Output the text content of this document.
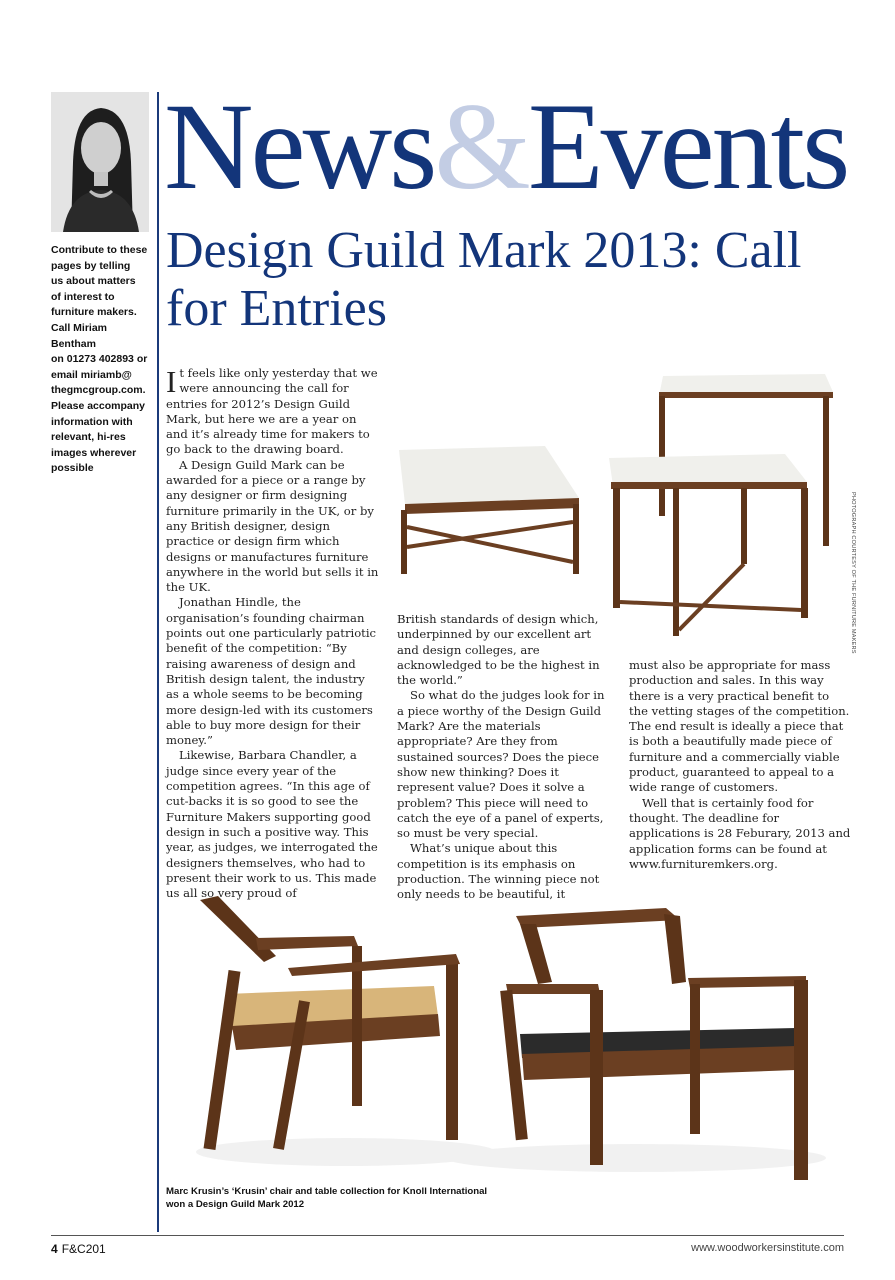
Contribute to these
pages by telling
us about matters
of interest to
furniture makers.
Call Miriam Bentham
on 01273 402893 or
email miriamb@
thegmcgroup.com.
Please accompany
information with
relevant, hi-res
images wherever
possible
News&Events
Design Guild Mark 2013: Call for Entries

It feels like only yesterday that we were announcing the call for entries for 2012’s Design Guild Mark, but here we are a year on and it’s already time for makers to go back to the drawing board.

A Design Guild Mark can be awarded for a piece or a range by any designer or firm designing furniture primarily in the UK, or by any British designer, design practice or design firm which designs or manufactures furniture anywhere in the world but sells it in the UK.

Jonathan Hindle, the organisation’s founding chairman points out one particularly patriotic benefit of the competition: “By raising awareness of design and British design talent, the industry as a whole seems to be becoming more design-led with its customers able to buy more design for their money.”

Likewise, Barbara Chandler, a judge since every year of the competition agrees. “In this age of cut-backs it is so good to see the Furniture Makers supporting good design in such a positive way. This year, as judges, we interrogated the designers themselves, who had to present their work to us. This made us all so very proud of

PHOTOGRAPH COURTESY OF THE FURNITURE MAKERS

British standards of design which, underpinned by our excellent art and design colleges, are acknowledged to be the highest in the world.”

So what do the judges look for in a piece worthy of the Design Guild Mark? Are the materials appropriate? Are they from sustained sources? Does the piece show new thinking? Does it represent value? Does it solve a problem? This piece will need to catch the eye of a panel of experts, so must be very special.

What’s unique about this competition is its emphasis on production. The winning piece not only needs to be beautiful, it

must also be appropriate for mass production and sales. In this way there is a very practical benefit to the vetting stages of the competition. The end result is ideally a piece that is both a beautifully made piece of furniture and a commercially viable product, guaranteed to appeal to a wide range of customers.

Well that is certainly food for thought. The deadline for applications is 28 Feburary, 2013 and application forms can be found at www.furnituremkers.org.

Marc Krusin’s ‘Krusin’ chair and table collection for Knoll International
won a Design Guild Mark 2012
4 F&C201	www.woodworkersinstitute.com
